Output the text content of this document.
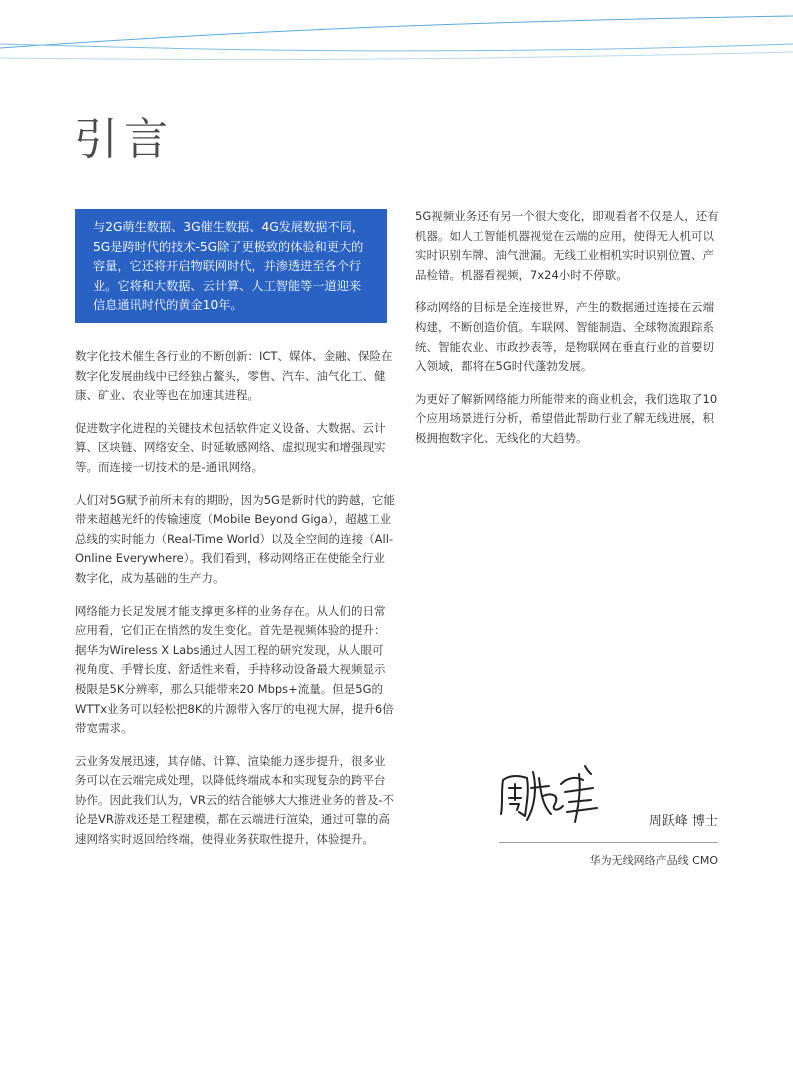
引言
与2G萌生数据、3G催生数据、4G发展数据不同，5G是跨时代的技术-5G除了更极致的体验和更大的容量，它还将开启物联网时代，并渗透进至各个行业。它将和大数据、云计算、人工智能等一道迎来信息通讯时代的黄金10年。

数字化技术催生各行业的不断创新：ICT、媒体、金融、保险在数字化发展曲线中已经独占鳌头，零售、汽车、油气化工、健康、矿业、农业等也在加速其进程。

促进数字化进程的关键技术包括软件定义设备、大数据、云计算、区块链、网络安全、时延敏感网络、虚拟现实和增强现实等。而连接一切技术的是-通讯网络。

人们对5G赋予前所未有的期盼，因为5G是新时代的跨越，它能带来超越光纤的传输速度（Mobile Beyond Giga），超越工业总线的实时能力（Real-Time World）以及全空间的连接（All-Online Everywhere）。我们看到，移动网络正在使能全行业数字化，成为基础的生产力。

网络能力长足发展才能支撑更多样的业务存在。从人们的日常应用看，它们正在悄然的发生变化。首先是视频体验的提升：据华为Wireless X Labs通过人因工程的研究发现，从人眼可视角度、手臂长度、舒适性来看，手持移动设备最大视频显示极限是5K分辨率，那么只能带来20 Mbps+流量。但是5G的WTTx业务可以轻松把8K的片源带入客厅的电视大屏，提升6倍带宽需求。

云业务发展迅速，其存储、计算、渲染能力逐步提升，很多业务可以在云端完成处理，以降低终端成本和实现复杂的跨平台协作。因此我们认为，VR云的结合能够大大推进业务的普及-不论是VR游戏还是工程建模，都在云端进行渲染，通过可靠的高速网络实时返回给终端，使得业务获取性提升，体验提升。

5G视频业务还有另一个很大变化，即观看者不仅是人，还有机器。如人工智能机器视觉在云端的应用，使得无人机可以实时识别车牌、油气泄漏。无线工业相机实时识别位置、产品检错。机器看视频，7x24小时不停歇。

移动网络的目标是全连接世界，产生的数据通过连接在云端构建，不断创造价值。车联网、智能制造、全球物流跟踪系统、智能农业、市政抄表等，是物联网在垂直行业的首要切入领域，都将在5G时代蓬勃发展。

为更好了解新网络能力所能带来的商业机会，我们选取了10个应用场景进行分析，希望借此帮助行业了解无线进展，积极拥抱数字化、无线化的大趋势。

周跃峰 博士
华为无线网络产品线 CMO
